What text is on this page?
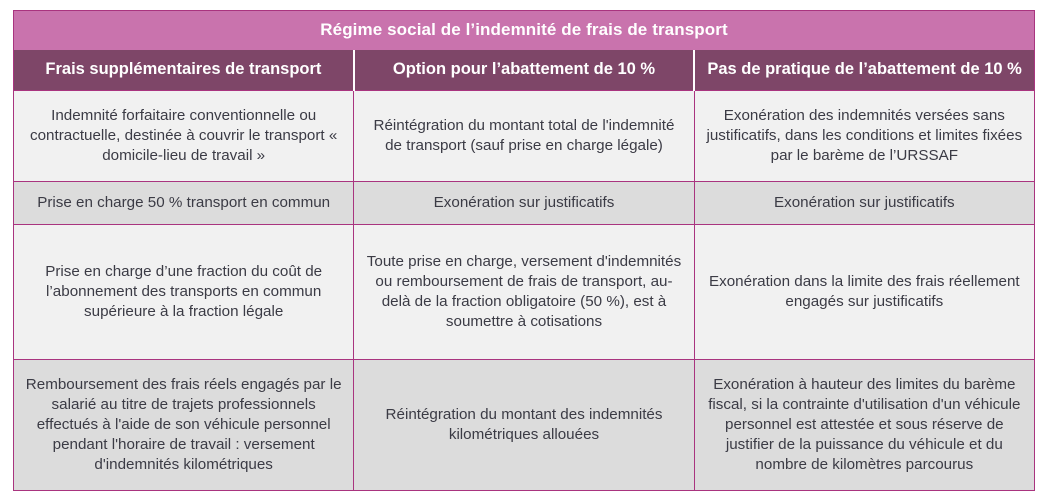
Régime social de l’indemnité de frais de transport		
Frais supplémentaires de transport	Option pour l’abattement de 10 %	Pas de pratique de l’abattement de 10 %

Indemnité forfaitaire conventionnelle ou contractuelle, destinée à couvrir le transport « domicile-lieu de travail »	Réintégration du montant total de l'indemnité de transport (sauf prise en charge légale)	Exonération des indemnités versées sans justificatifs, dans les conditions et limites fixées par le barème de l’URSSAF

Prise en charge 50 % transport en commun	Exonération sur justificatifs	Exonération sur justificatifs

Prise en charge d’une fraction du coût de l’abonnement des transports en commun supérieure à la fraction légale	Toute prise en charge, versement d'indemnités ou remboursement de frais de transport, au-delà de la fraction obligatoire (50 %), est à soumettre à cotisations	Exonération dans la limite des frais réellement engagés sur justificatifs

Remboursement des frais réels engagés par le salarié au titre de trajets professionnels effectués à l'aide de son véhicule personnel pendant l'horaire de travail : versement d'indemnités kilométriques	Réintégration du montant des indemnités kilométriques allouées	Exonération à hauteur des limites du barème fiscal, si la contrainte d'utilisation d'un véhicule personnel est attestée et sous réserve de justifier de la puissance du véhicule et du nombre de kilomètres parcourus
